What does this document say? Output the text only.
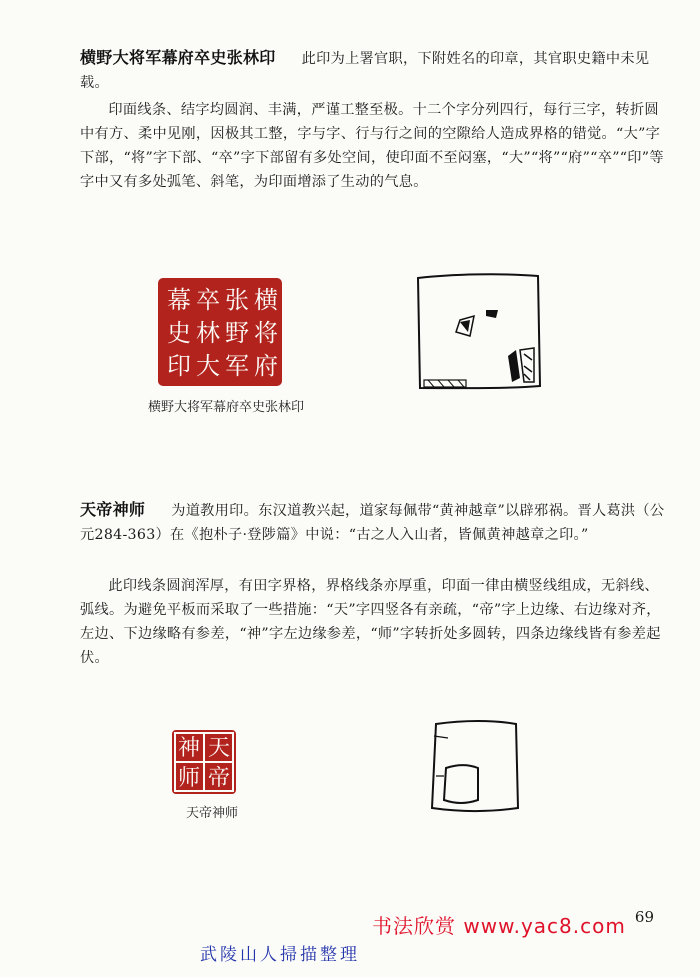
横野大将军幕府卒史张林印 此印为上署官职，下附姓名的印章，其官职史籍中未见载。

印面线条、结字均圆润、丰满，严谨工整至极。十二个字分列四行，每行三字，转折圆中有方、柔中见刚，因极其工整，字与字、行与行之间的空隙给人造成界格的错觉。“大”字下部，“将”字下部、“卒”字下部留有多处空间，使印面不至闷塞，“大”“将”“府”“卒”“印”等字中又有多处弧笔、斜笔，为印面增添了生动的气息。

横
将
府
张
野
军
卒
林
大
幕
史
印
横野大将军幕府卒史张林印

天帝神师 为道教用印。东汉道教兴起，道家每佩带“黄神越章”以辟邪祸。晋人葛洪（公元284-363）在《抱朴子·登陟篇》中说：“古之人入山者，皆佩黄神越章之印。”

此印线条圆润浑厚，有田字界格，界格线条亦厚重，印面一律由横竖线组成，无斜线、弧线。为避免平板而采取了一些措施：“天”字四竖各有亲疏，“帝”字上边缘、右边缘对齐，左边、下边缘略有参差，“神”字左边缘参差，“师”字转折处多圆转，四条边缘线皆有参差起伏。

天
帝
神
师
天帝神师
书法欣赏 www.yac8.com 69
武陵山人掃描整理
